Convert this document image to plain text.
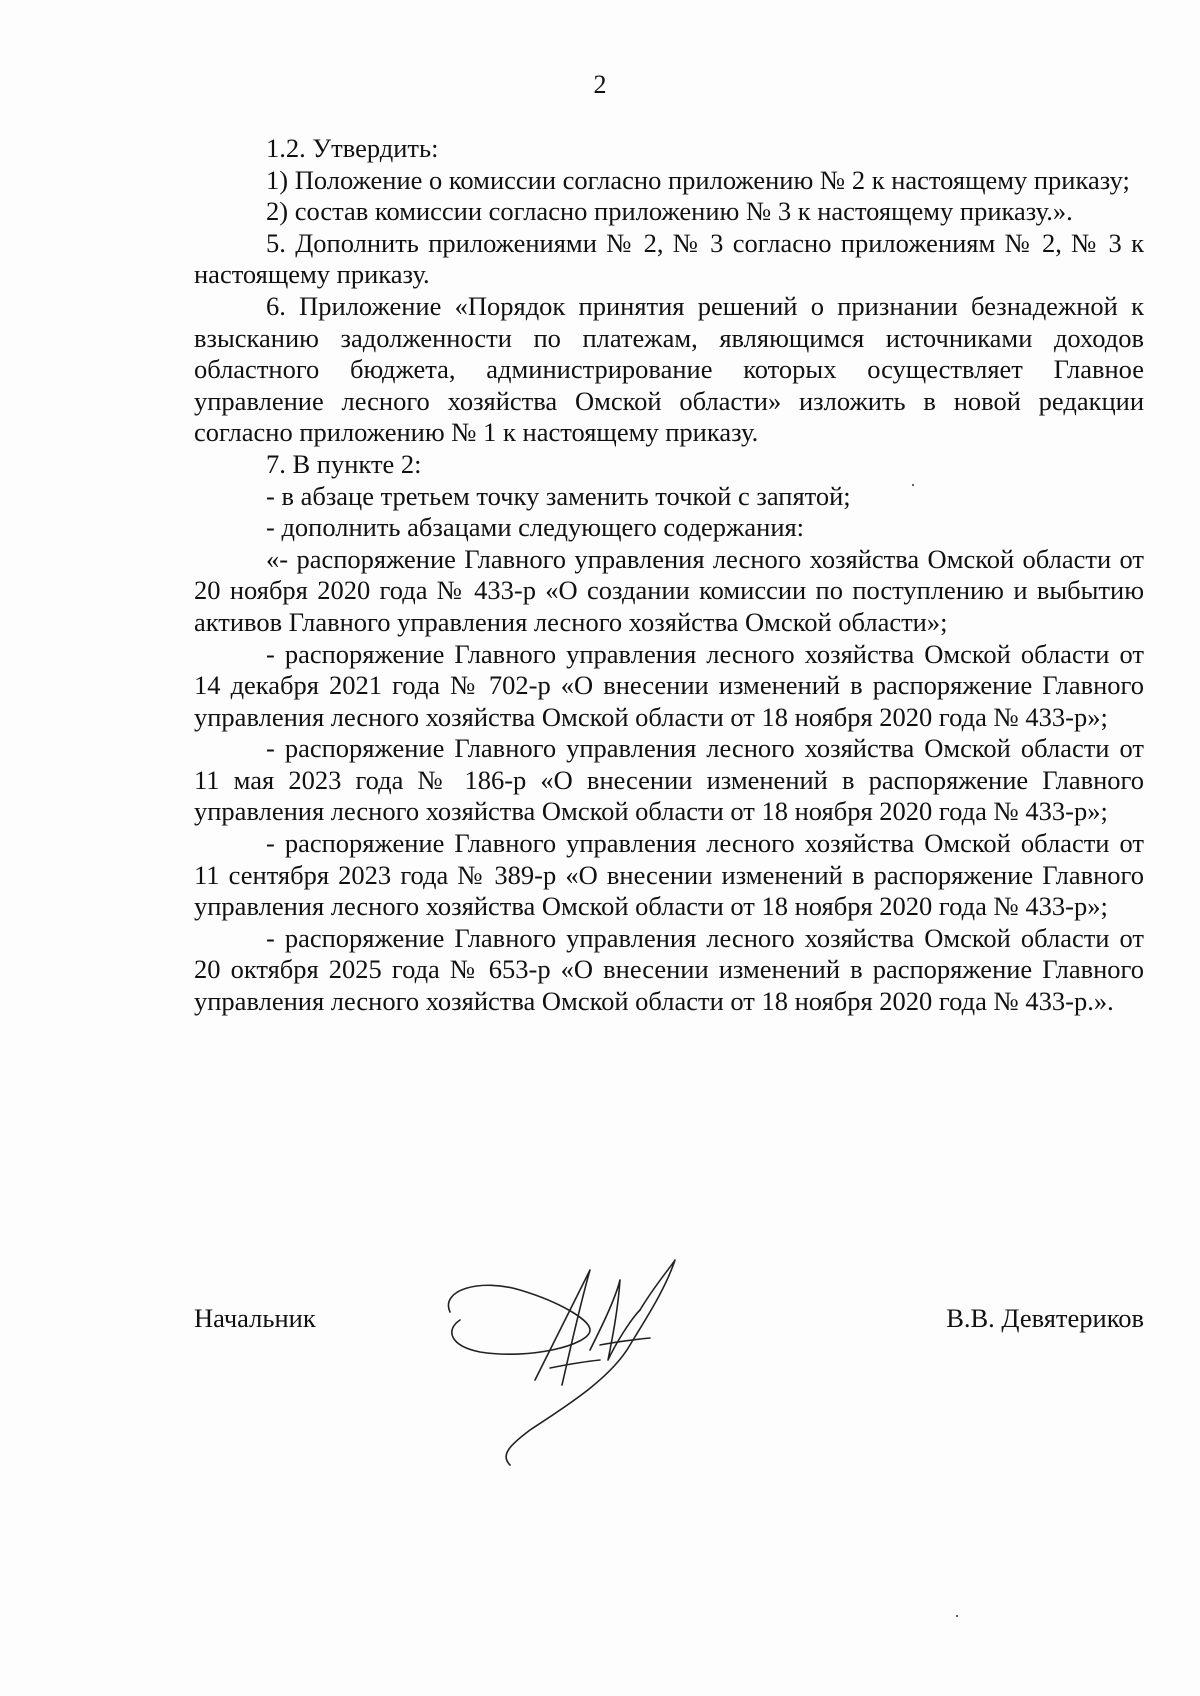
2

1.2. Утвердить:

1) Положение о комиссии согласно приложению № 2 к настоящему приказу;

2) состав комиссии согласно приложению № 3 к настоящему приказу.».

5. Дополнить приложениями № 2, № 3 согласно приложениям № 2, № 3 к настоящему приказу.

6. Приложение «Порядок принятия решений о признании безнадежной к взысканию задолженности по платежам, являющимся источниками доходов областного бюджета, администрирование которых осуществляет Главное управление лесного хозяйства Омской области» изложить в новой редакции согласно приложению № 1 к настоящему приказу.

7. В пункте 2:

- в абзаце третьем точку заменить точкой с запятой;

- дополнить абзацами следующего содержания:

«- распоряжение Главного управления лесного хозяйства Омской области от 20 ноября 2020 года № 433-р «О создании комиссии по поступлению и выбытию активов Главного управления лесного хозяйства Омской области»;

- распоряжение Главного управления лесного хозяйства Омской области от 14 декабря 2021 года № 702-р «О внесении изменений в распоряжение Главного управления лесного хозяйства Омской области от 18 ноября 2020 года № 433-р»;

- распоряжение Главного управления лесного хозяйства Омской области от 11 мая 2023 года № 186-р «О внесении изменений в распоряжение Главного управления лесного хозяйства Омской области от 18 ноября 2020 года № 433-р»;

- распоряжение Главного управления лесного хозяйства Омской области от 11 сентября 2023 года № 389-р «О внесении изменений в распоряжение Главного управления лесного хозяйства Омской области от 18 ноября 2020 года № 433-р»;

- распоряжение Главного управления лесного хозяйства Омской области от 20 октября 2025 года № 653-р «О внесении изменений в распоряжение Главного управления лесного хозяйства Омской области от 18 ноября 2020 года № 433-р.».

Начальник	В.В. Девятериков
